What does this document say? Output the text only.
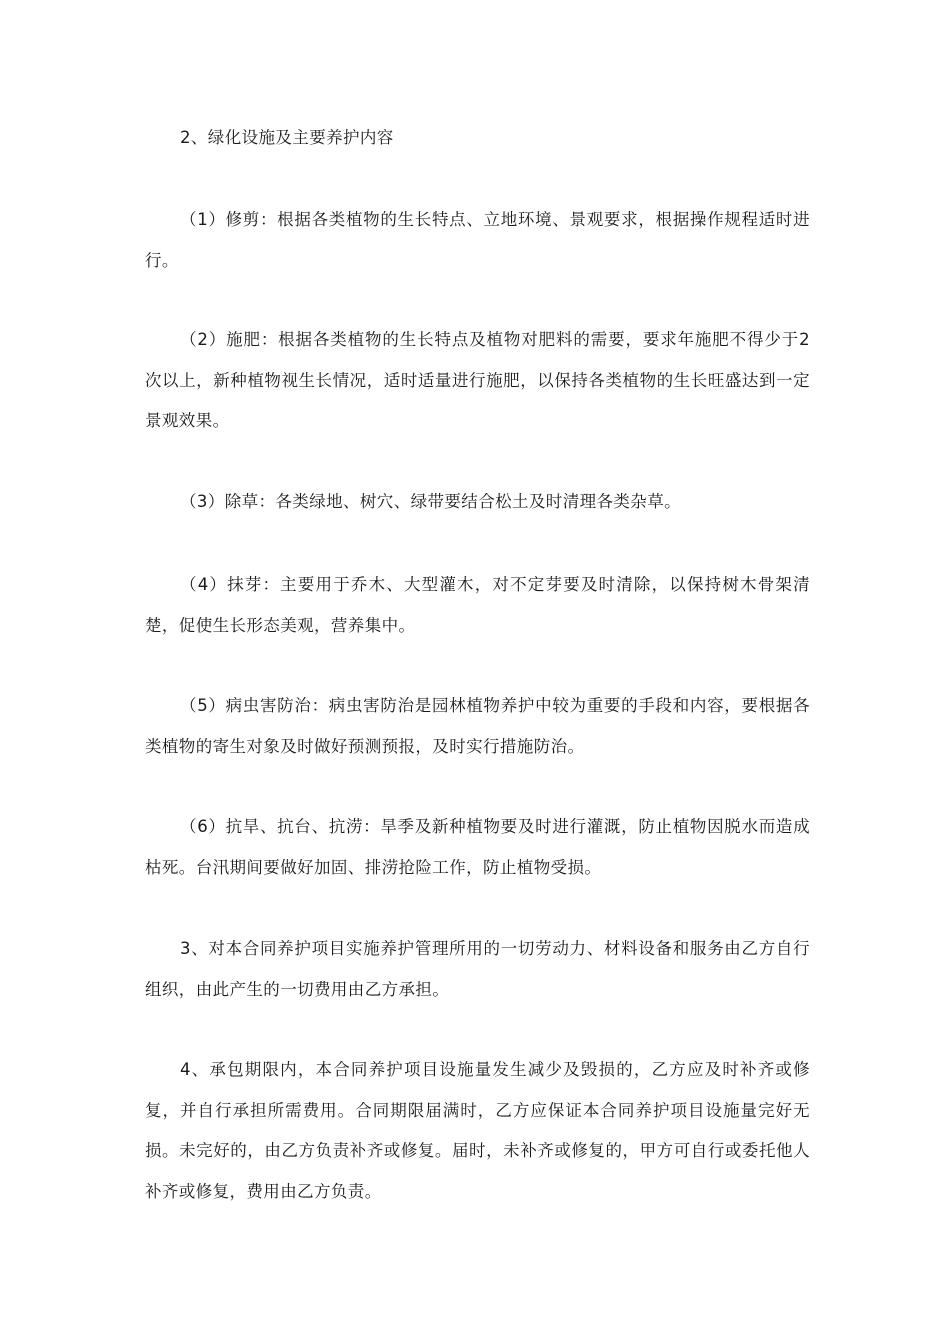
2、绿化设施及主要养护内容

（1）修剪：根据各类植物的生长特点、立地环境、景观要求，根据操作规程适时进行。

（2）施肥：根据各类植物的生长特点及植物对肥料的需要，要求年施肥不得少于2次以上，新种植物视生长情况，适时适量进行施肥，以保持各类植物的生长旺盛达到一定景观效果。

（3）除草：各类绿地、树穴、绿带要结合松土及时清理各类杂草。

（4）抹芽：主要用于乔木、大型灌木，对不定芽要及时清除，以保持树木骨架清楚，促使生长形态美观，营养集中。

（5）病虫害防治：病虫害防治是园林植物养护中较为重要的手段和内容，要根据各类植物的寄生对象及时做好预测预报，及时实行措施防治。

（6）抗旱、抗台、抗涝：旱季及新种植物要及时进行灌溉，防止植物因脱水而造成枯死。台汛期间要做好加固、排涝抢险工作，防止植物受损。

3、对本合同养护项目实施养护管理所用的一切劳动力、材料设备和服务由乙方自行组织，由此产生的一切费用由乙方承担。

4、承包期限内，本合同养护项目设施量发生减少及毁损的，乙方应及时补齐或修复，并自行承担所需费用。合同期限届满时，乙方应保证本合同养护项目设施量完好无损。未完好的，由乙方负责补齐或修复。届时，未补齐或修复的，甲方可自行或委托他人补齐或修复，费用由乙方负责。
